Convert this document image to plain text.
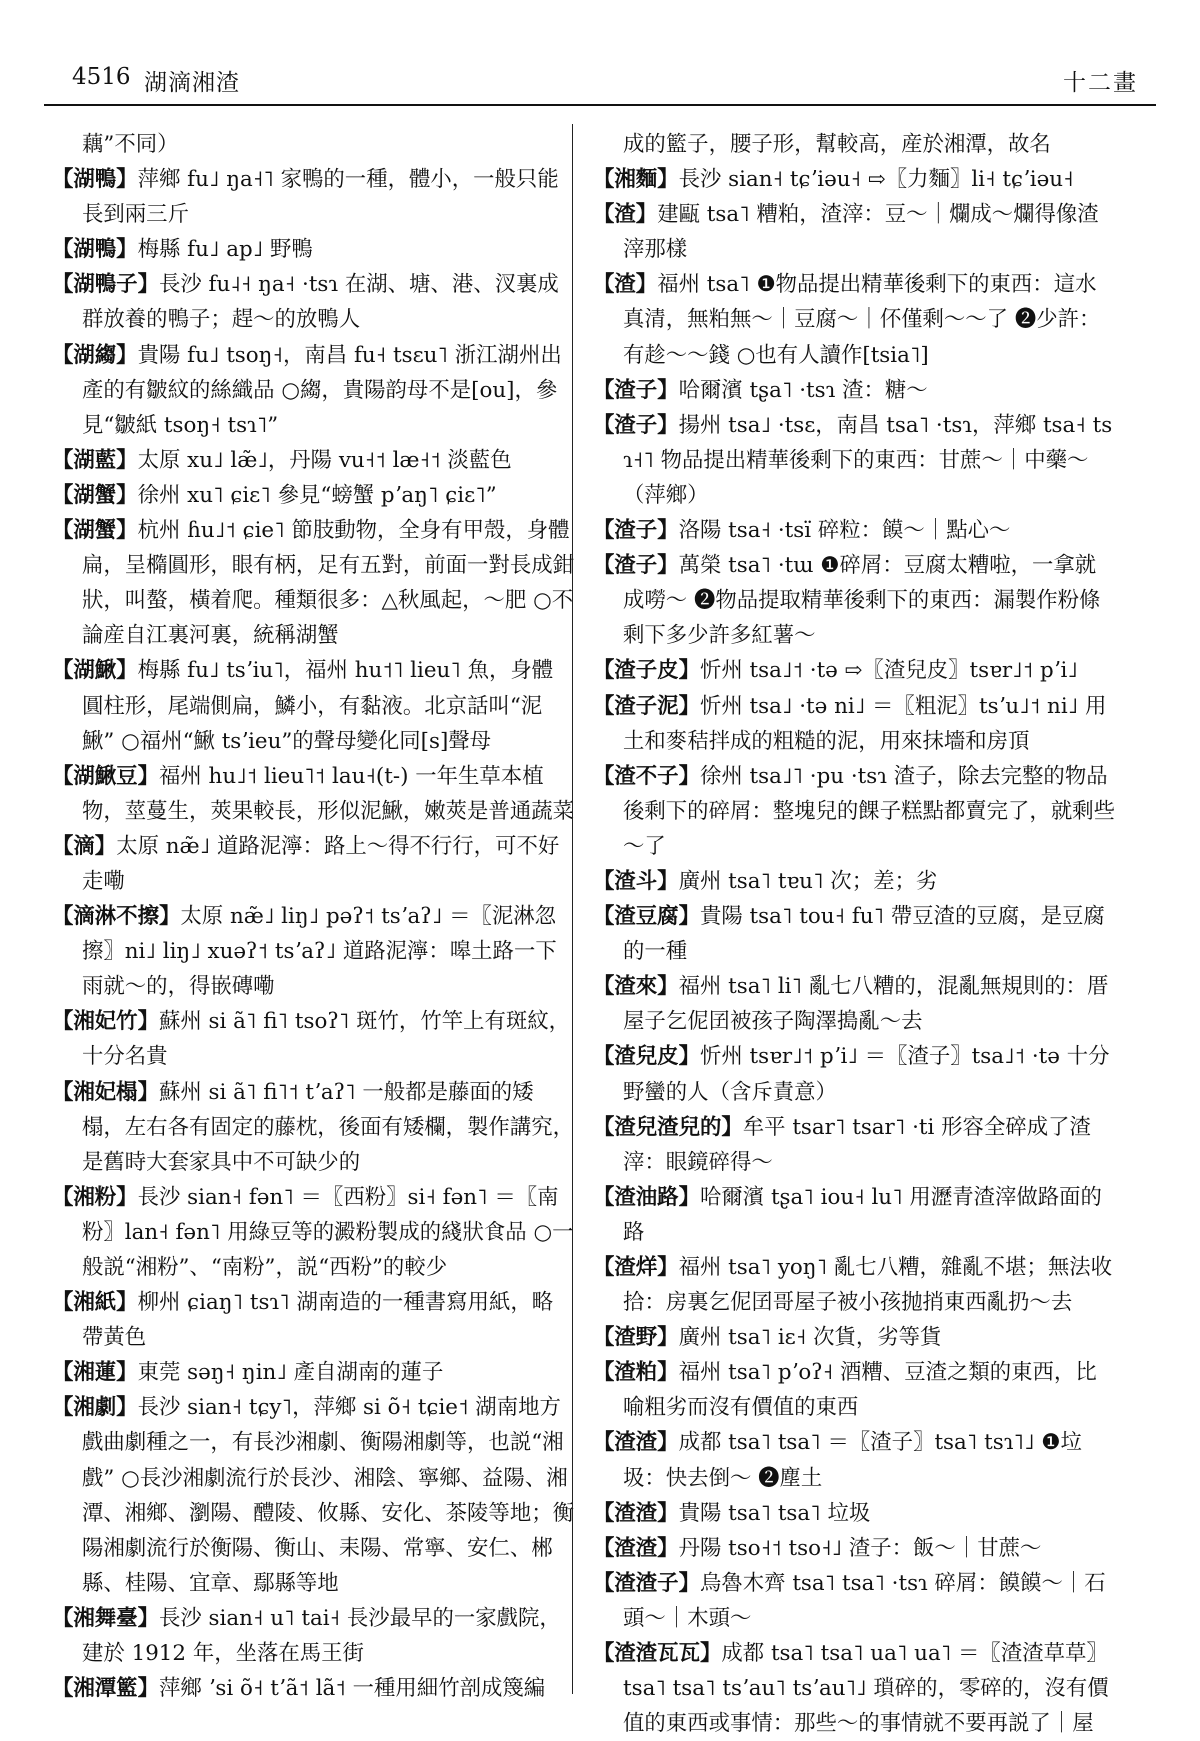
4516 湖滴湘渣	十二畫

藕”不同）

【湖鴨】萍鄉 fu˩ ŋa˧˥ 家鴨的一種，體小，一般只能長到兩三斤

【湖鴨】梅縣 fu˩ ap˩ 野鴨

【湖鴨子】長沙 fu˨˧ ŋa˧ ·tsɿ 在湖、塘、港、汊裏成群放養的鴨子；趕～的放鴨人

【湖縐】貴陽 fu˩ tsoŋ˧，南昌 fu˧ tsɛu˥ 浙江湖州出產的有皺紋的絲織品 ○縐，貴陽韵母不是[ou]，參見“皺紙 tsoŋ˧ tsɿ˥”

【湖藍】太原 xu˩ læ̃˩，丹陽 vu˧˦ læ˧˦ 淡藍色

【湖蟹】徐州 xu˥ ɕiɛ˥ 參見“螃蟹 pʼaŋ˥ ɕiɛ˥”

【湖蟹】杭州 ɦu˩˦ ɕie˥ 節肢動物，全身有甲殼，身體扁，呈橢圓形，眼有柄，足有五對，前面一對長成鉗狀，叫螯，橫着爬。種類很多：△秋風起，～肥 ○不論産自江裏河裏，統稱湖蟹

【湖鰍】梅縣 fu˩ tsʼiu˥，福州 hu˦˥ lieu˥ 魚，身體圓柱形，尾端側扁，鱗小，有黏液。北京話叫“泥鰍” ○福州“鰍 tsʼieu”的聲母變化同[s]聲母

【湖鰍豆】福州 hu˩˦ lieu˥˦ lau˧(t-) 一年生草本植物，莖蔓生，莢果較長，形似泥鰍，嫩莢是普通蔬菜

【滴】太原 næ̃˩ 道路泥濘：路上～得不行行，可不好走嘞

【滴淋不擦】太原 næ̃˩ liŋ˩ pəʔ˦ tsʼaʔ˩ ＝〖泥淋忽擦〗ni˩ liŋ˩ xuəʔ˦ tsʼaʔ˩ 道路泥濘：嗥土路一下雨就～的，得嵌磚嘞

【湘妃竹】蘇州 si ã˥ fi˥ tsoʔ˥ 斑竹，竹竿上有斑紋，十分名貴

【湘妃榻】蘇州 si ã˥ fi˥˦ tʼaʔ˥ 一般都是藤面的矮榻，左右各有固定的藤枕，後面有矮欄，製作講究，是舊時大套家具中不可缺少的

【湘粉】長沙 sian˧ fən˥ ＝〖西粉〗si˧ fən˥ ＝〖南粉〗lan˧ fən˥ 用綠豆等的澱粉製成的綫狀食品 ○一般説“湘粉”、“南粉”，説“西粉”的較少

【湘紙】柳州 ɕiaŋ˥ tsɿ˥ 湖南造的一種書寫用紙，略帶黃色

【湘蓮】東莞 səŋ˧ ŋin˩ 產自湖南的蓮子

【湘劇】長沙 sian˧ tɕy˥，萍鄉 si õ˧ tɕie˦ 湖南地方戲曲劇種之一，有長沙湘劇、衡陽湘劇等，也説“湘戲” ○長沙湘劇流行於長沙、湘陰、寧鄉、益陽、湘潭、湘鄉、瀏陽、醴陵、攸縣、安化、茶陵等地；衡陽湘劇流行於衡陽、衡山、耒陽、常寧、安仁、郴縣、桂陽、宜章、鄢縣等地

【湘舞臺】長沙 sian˧ u˥ tai˧ 長沙最早的一家戲院，建於 1912 年，坐落在馬王街

【湘潭籃】萍鄉 ʼsi õ˧ tʼã˦ lã˦ 一種用細竹剖成篾編

成的籃子，腰子形，幫較高，産於湘潭，故名

【湘麵】長沙 sian˧ tɕʼiəu˧ ⇨〖力麵〗li˧ tɕʼiəu˧

【渣】建甌 tsa˥ 糟粕，渣滓：豆～｜爛成～爛得像渣滓那樣

【渣】福州 tsa˥ ❶物品提出精華後剩下的東西：這水真清，無粕無～｜豆腐～｜伓僅剩～～了 ❷少許：有趁～～錢 ○也有人讀作[tsia˥]

【渣子】哈爾濱 tʂa˥ ·tsɿ 渣：糖～

【渣子】揚州 tsa˩ ·tsɛ，南昌 tsa˥ ·tsɿ，萍鄉 tsa˧ tsɿ˧˥ 物品提出精華後剩下的東西：甘蔗～｜中藥～（萍鄉）

【渣子】洛陽 tsa˧ ·tsï 碎粒：饃～｜點心～

【渣子】萬榮 tsa˥ ·tɯ ❶碎屑：豆腐太糟啦，一拿就成嘮～ ❷物品提取精華後剩下的東西：漏製作粉條剩下多少許多紅薯～

【渣子皮】忻州 tsa˩˦ ·tə ⇨〖渣兒皮〗tsɐr˩˦ pʼi˩

【渣子泥】忻州 tsa˩ ·tə ni˩ ＝〖粗泥〗tsʼu˩˦ ni˩ 用土和麥秸拌成的粗糙的泥，用來抹墻和房頂

【渣不子】徐州 tsa˩˥ ·pu ·tsɿ 渣子，除去完整的物品後剩下的碎屑：整塊兒的餜子糕點都賣完了，就剩些～了

【渣斗】廣州 tsa˥ tɐu˥ 次；差；劣

【渣豆腐】貴陽 tsa˥ tou˧ fu˥ 帶豆渣的豆腐，是豆腐的一種

【渣來】福州 tsa˥ li˥ 亂七八糟的，混亂無規則的：厝屋子乞伲囝被孩子陶澤搗亂～去

【渣兒皮】忻州 tsɐr˩˦ pʼi˩ ＝〖渣子〗tsa˩˦ ·tə 十分野蠻的人（含斥責意）

【渣兒渣兒的】牟平 tsar˥ tsar˥ ·ti 形容全碎成了渣滓：眼鏡碎得～

【渣油路】哈爾濱 tʂa˥ iou˧ lu˥ 用瀝青渣滓做路面的路

【渣烊】福州 tsa˥ yoŋ˥ 亂七八糟，雜亂不堪；無法收拾：房裏乞伲囝哥屋子被小孩抛捎東西亂扔～去

【渣野】廣州 tsa˥ iɛ˧ 次貨，劣等貨

【渣粕】福州 tsa˥ pʼoʔ˧ 酒糟、豆渣之類的東西，比喻粗劣而沒有價值的東西

【渣渣】成都 tsa˥ tsa˥ ＝〖渣子〗tsa˥ tsɿ˥˩ ❶垃圾：快去倒～ ❷塵土

【渣渣】貴陽 tsa˥ tsa˥ 垃圾

【渣渣】丹陽 tso˧˦ tso˧˩ 渣子：飯～｜甘蔗～

【渣渣子】烏魯木齊 tsa˥ tsa˥ ·tsɿ 碎屑：饃饃～｜石頭～｜木頭～

【渣渣瓦瓦】成都 tsa˥ tsa˥ ua˥ ua˥ ＝〖渣渣草草〗tsa˥ tsa˥ tsʼau˥ tsʼau˥˩ 瑣碎的，零碎的，沒有價值的東西或事情：那些～的事情就不要再説了｜屋
